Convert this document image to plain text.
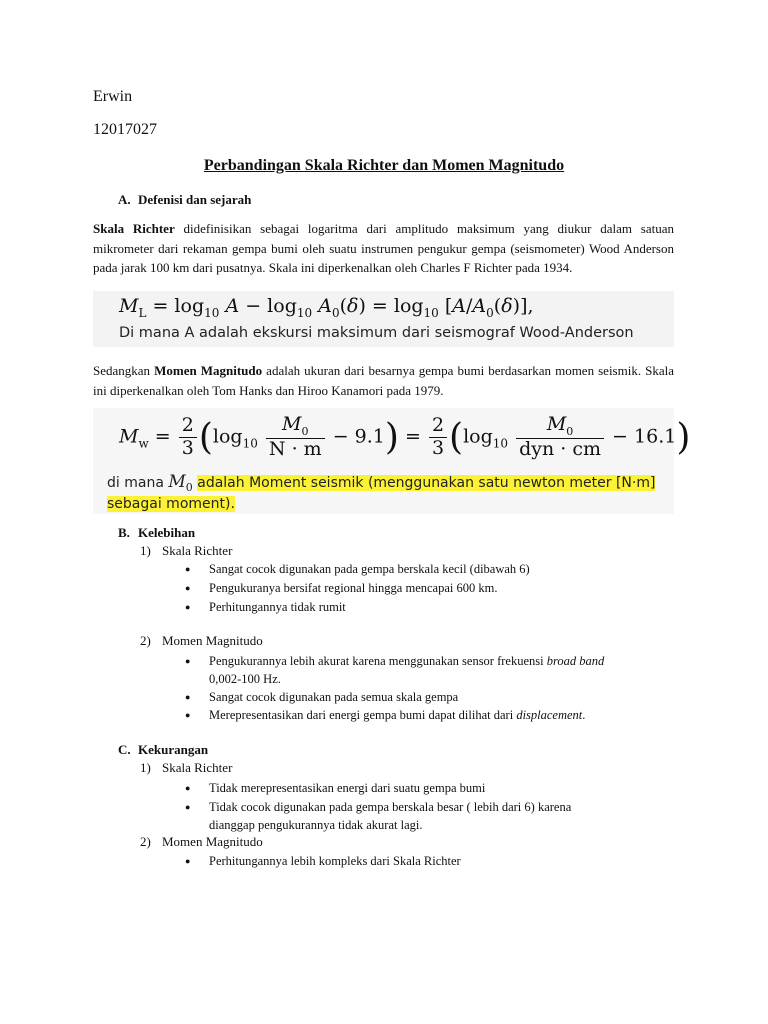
Erwin

12017027

Perbandingan Skala Richter dan Momen Magnitudo

A. Defenisi dan sejarah

Skala Richter didefinisikan sebagai logaritma dari amplitudo maksimum yang diukur dalam satuan mikrometer dari rekaman gempa bumi oleh suatu instrumen pengukur gempa (seismometer) Wood Anderson pada jarak 100 km dari pusatnya. Skala ini diperkenalkan oleh Charles F Richter pada 1934.

$M_L = \log_{10} A - \log_{10} A_0(\delta) = \log_{10} [A/A_0(\delta)]$,
Di mana A adalah ekskursi maksimum dari seismograf Wood-Anderson

Sedangkan Momen Magnitudo adalah ukuran dari besarnya gempa bumi berdasarkan momen seismik. Skala ini diperkenalkan oleh Tom Hanks dan Hiroo Kanamori pada 1979.

$M_w = \frac{2}{3} (\log_{10} \frac{M_0}{N \cdot m} - 9.1) = \frac{2}{3} (\log_{10} \frac{M_0}{\text{dyn · cm}} - 16.1)$
di mana $M_0$ adalah Moment seismik (menggunakan satu newton meter [N·m]
sebagai moment).

B. Kelebihan

1) Skala Richter

● Sangat cocok digunakan pada gempa berskala kecil (dibawah 6)

● Pengukuranya bersifat regional hingga mencapai 600 km.

● Perhitungannya tidak rumit

2) Momen Magnitudo

● Pengukurannya lebih akurat karena menggunakan sensor frekuensi broad band
0,002-100 Hz.

● Sangat cocok digunakan pada semua skala gempa

● Merepresentasikan dari energi gempa bumi dapat dilihat dari displacement.

C. Kekurangan

1) Skala Richter

● Tidak merepresentasikan energi dari suatu gempa bumi

● Tidak cocok digunakan pada gempa berskala besar ( lebih dari 6) karena
dianggap pengukurannya tidak akurat lagi.

2) Momen Magnitudo

● Perhitungannya lebih kompleks dari Skala Richter
